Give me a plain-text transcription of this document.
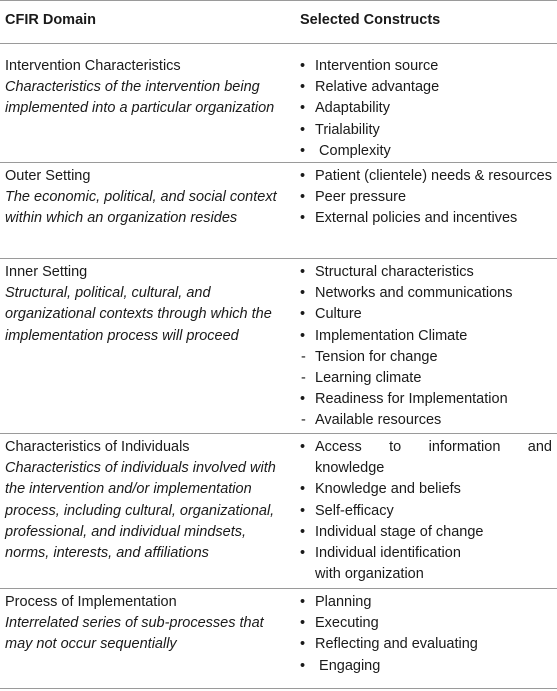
CFIR Domain	Selected Constructs
Intervention Characteristics
Characteristics of the intervention being implemented into a particular organization
• Intervention source
• Relative advantage
• Adaptability
• Trialability
•  Complexity
Outer Setting
The economic, political, and social context within which an organization resides
• Patient (clientele) needs & resources
• Peer pressure
• External policies and incentives
Inner Setting
Structural, political, cultural, and organizational contexts through which the implementation process will proceed
• Structural characteristics
• Networks and communications
• Culture
• Implementation Climate
- Tension for change
- Learning climate
• Readiness for Implementation
- Available resources
Characteristics of Individuals
Characteristics of individuals involved with the intervention and/or implementation process, including cultural, organizational, professional, and individual mindsets, norms, interests, and affiliations
• Access to information and
knowledge
• Knowledge and beliefs
• Self-efficacy
• Individual stage of change
• Individual identification
with organization
Process of Implementation
Interrelated series of sub-processes that may not occur sequentially
• Planning
• Executing
• Reflecting and evaluating
•  Engaging
